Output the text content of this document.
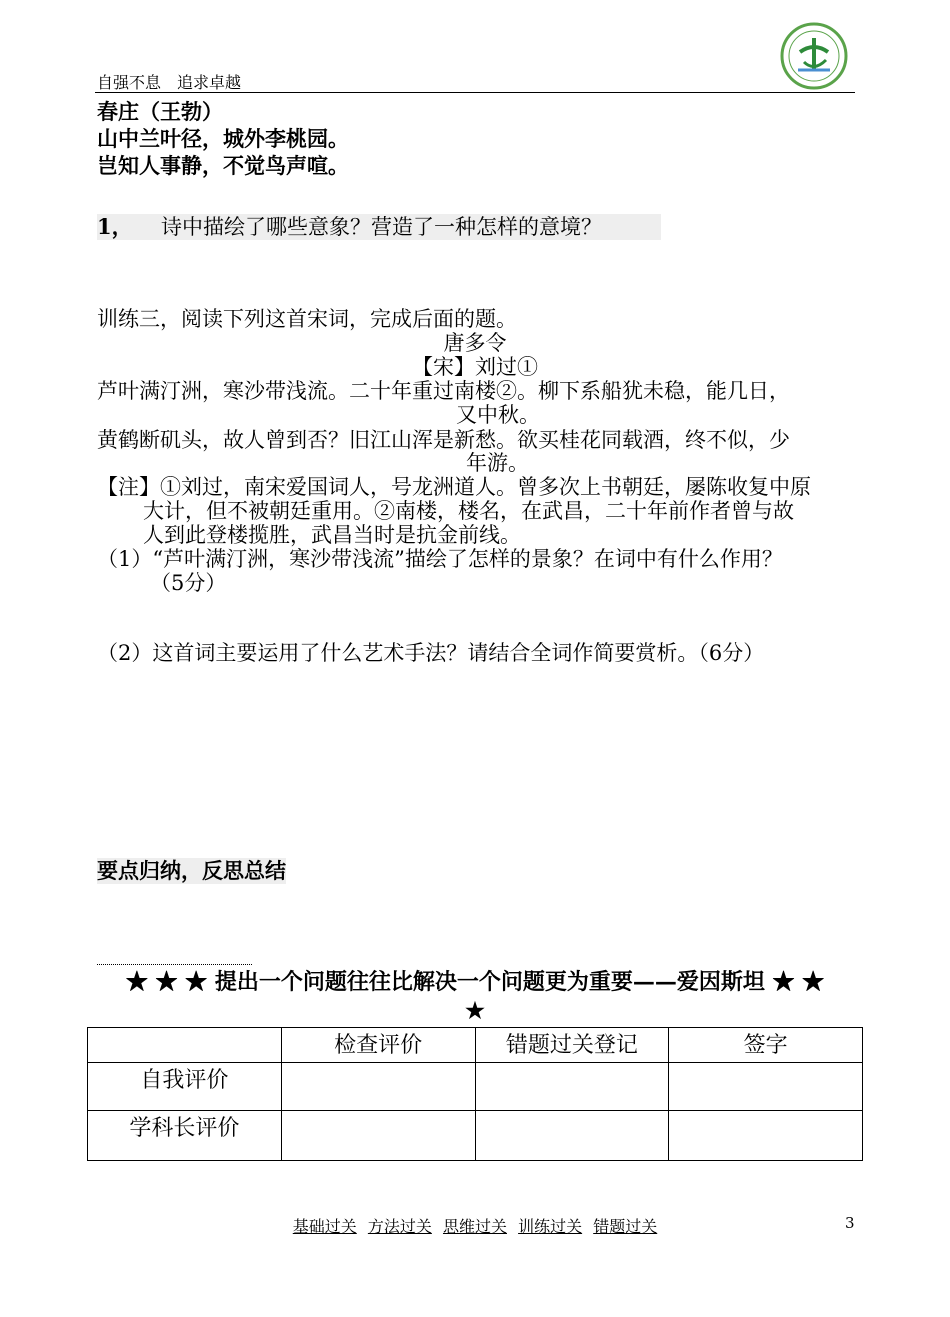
自强不息　追求卓越
春庄（王勃）
山中兰叶径，城外李桃园。
岂知人事静，不觉鸟声喧。
1， 诗中描绘了哪些意象？营造了一种怎样的意境？
训练三，阅读下列这首宋词，完成后面的题。
唐多令
【宋】刘过①
芦叶满汀洲，寒沙带浅流。二十年重过南楼②。柳下系船犹未稳，能几日，
又中秋。
黄鹤断矶头，故人曾到否？旧江山浑是新愁。欲买桂花同载酒，终不似，少
年游。
【注】①刘过，南宋爱国词人，号龙洲道人。曾多次上书朝廷，屡陈收复中原
大计，但不被朝廷重用。②南楼，楼名，在武昌，二十年前作者曾与故
人到此登楼揽胜，武昌当时是抗金前线。
（1）“芦叶满汀洲，寒沙带浅流”描绘了怎样的景象？在词中有什么作用？
（5分）
（2）这首词主要运用了什么艺术手法？请结合全词作简要赏析。（6分）
要点归纳，反思总结
★ ★ ★ 提出一个问题往往比解决一个问题更为重要——爱因斯坦 ★ ★
★
	检查评价	错题过关登记	签字
自我评价			
学科长评价			
基础过关 方法过关 思维过关 训练过关 错题过关	3
